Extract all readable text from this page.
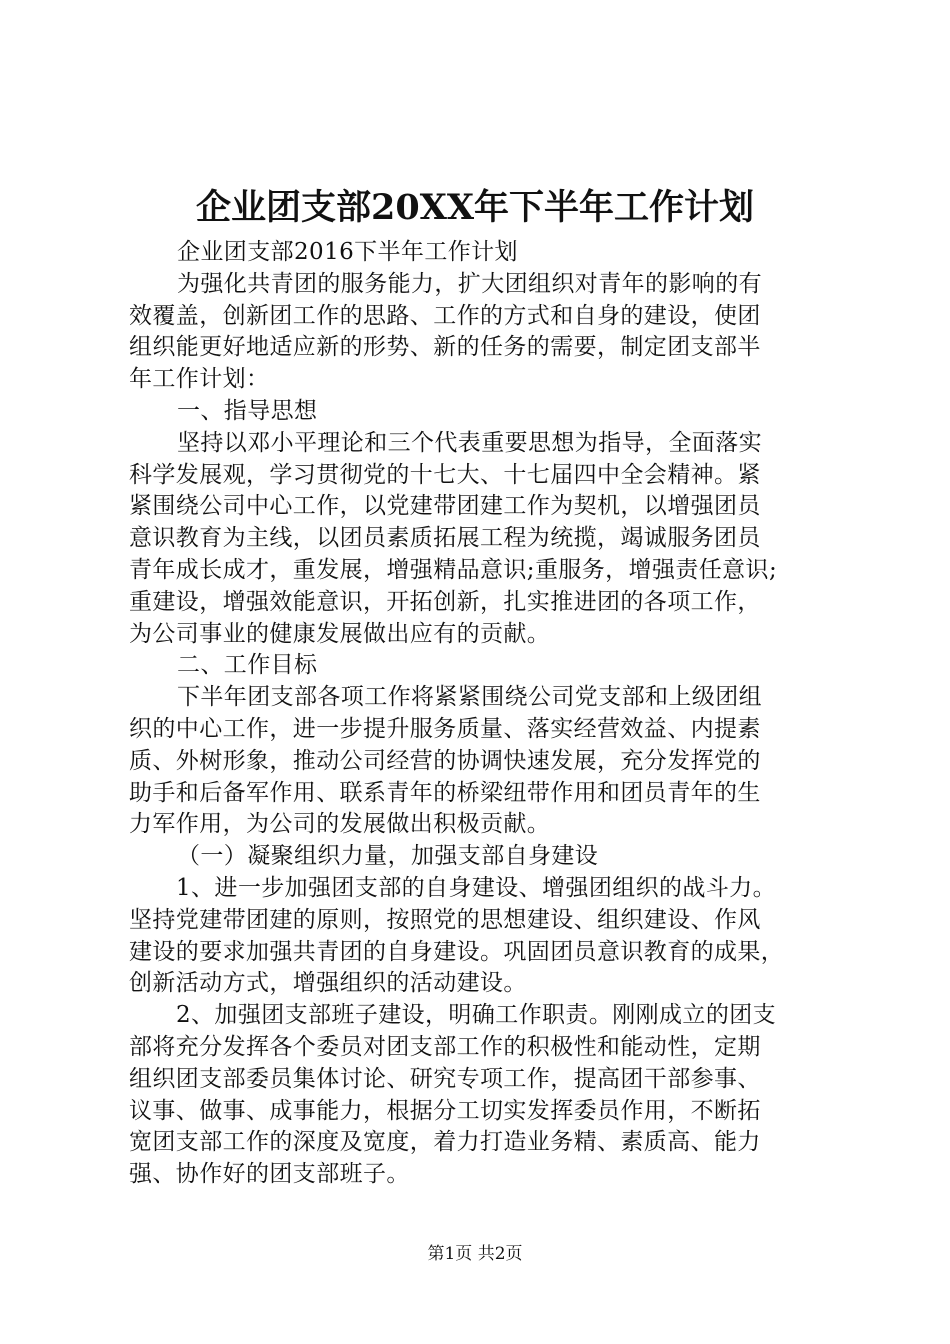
企业团支部20XX年下半年工作计划
企业团支部2016下半年工作计划
为强化共青团的服务能力，扩大团组织对青年的影响的有
效覆盖，创新团工作的思路、工作的方式和自身的建设，使团
组织能更好地适应新的形势、新的任务的需要，制定团支部半
年工作计划：
一、指导思想
坚持以邓小平理论和三个代表重要思想为指导，全面落实
科学发展观，学习贯彻党的十七大、十七届四中全会精神。紧
紧围绕公司中心工作，以党建带团建工作为契机，以增强团员
意识教育为主线，以团员素质拓展工程为统揽，竭诚服务团员
青年成长成才，重发展，增强精品意识;重服务，增强责任意识;
重建设，增强效能意识，开拓创新，扎实推进团的各项工作，
为公司事业的健康发展做出应有的贡献。
二、工作目标
下半年团支部各项工作将紧紧围绕公司党支部和上级团组
织的中心工作，进一步提升服务质量、落实经营效益、内提素
质、外树形象，推动公司经营的协调快速发展，充分发挥党的
助手和后备军作用、联系青年的桥梁纽带作用和团员青年的生
力军作用，为公司的发展做出积极贡献。
（一）凝聚组织力量，加强支部自身建设
1、进一步加强团支部的自身建设、增强团组织的战斗力。
坚持党建带团建的原则，按照党的思想建设、组织建设、作风
建设的要求加强共青团的自身建设。巩固团员意识教育的成果，
创新活动方式，增强组织的活动建设。
2、加强团支部班子建设，明确工作职责。刚刚成立的团支
部将充分发挥各个委员对团支部工作的积极性和能动性，定期
组织团支部委员集体讨论、研究专项工作，提高团干部参事、
议事、做事、成事能力，根据分工切实发挥委员作用，不断拓
宽团支部工作的深度及宽度，着力打造业务精、素质高、能力
强、协作好的团支部班子。
第1页 共2页
